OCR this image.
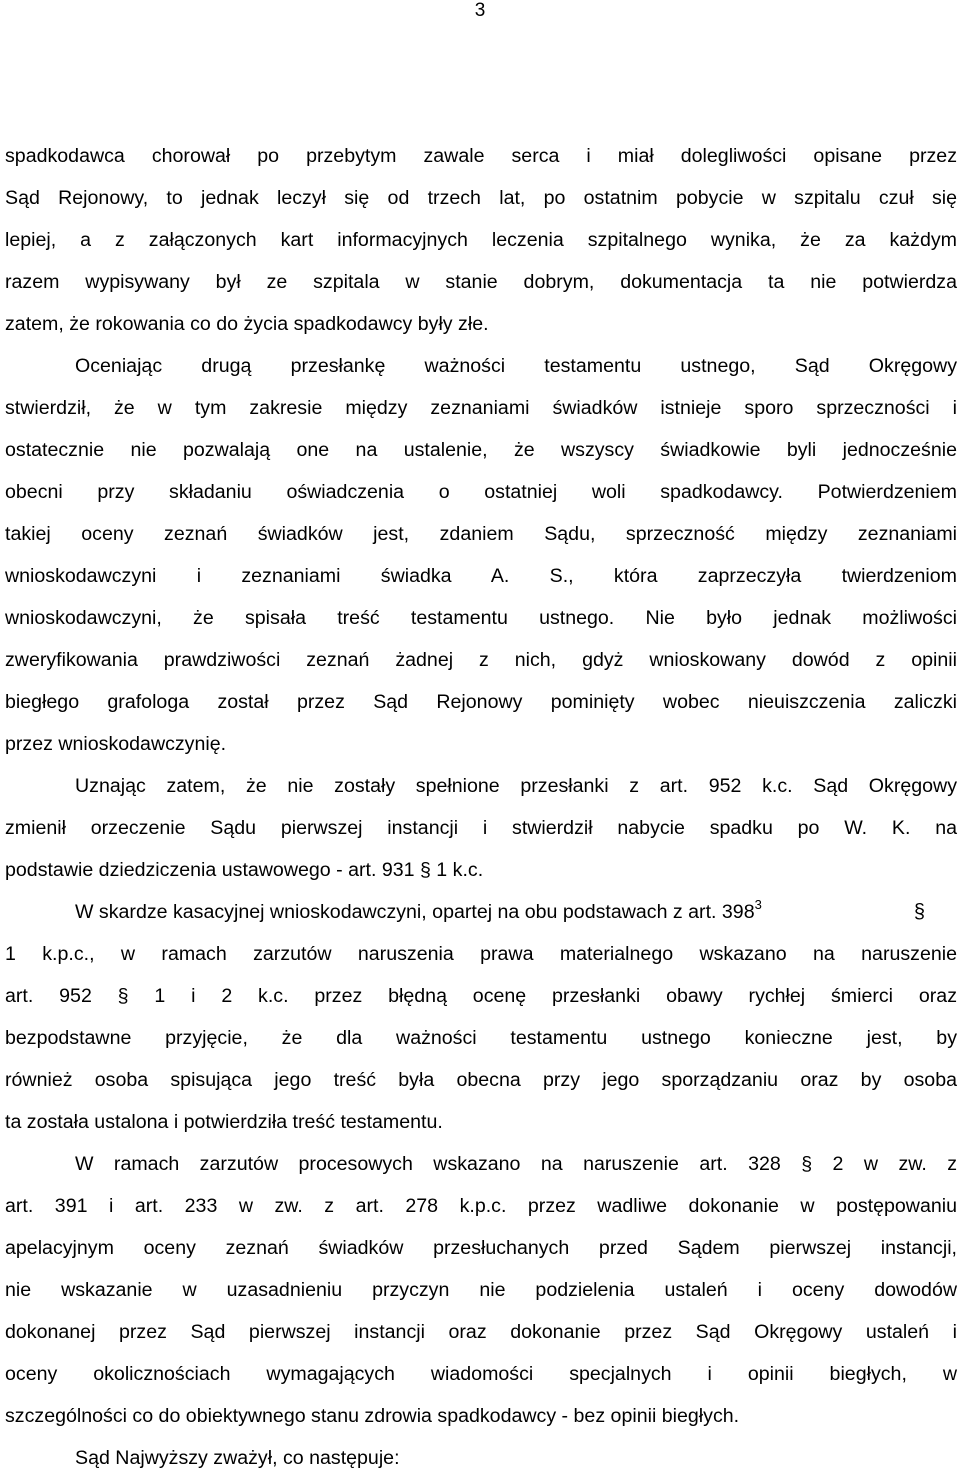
3
spadkodawca chorował po przebytym zawale serca i miał dolegliwości opisane przez
Sąd Rejonowy, to jednak leczył się od trzech lat, po ostatnim pobycie w szpitalu czuł się
lepiej, a z załączonych kart informacyjnych leczenia szpitalnego wynika, że za każdym
razem wypisywany był ze szpitala w stanie dobrym, dokumentacja ta nie potwierdza
zatem, że rokowania co do życia spadkodawcy były złe.
Oceniając drugą przesłankę ważności testamentu ustnego, Sąd Okręgowy
stwierdził, że w tym zakresie między zeznaniami świadków istnieje sporo sprzeczności i
ostatecznie nie pozwalają one na ustalenie, że wszyscy świadkowie byli jednocześnie
obecni przy składaniu oświadczenia o ostatniej woli spadkodawcy. Potwierdzeniem
takiej oceny zeznań świadków jest, zdaniem Sądu, sprzeczność między zeznaniami
wnioskodawczyni i zeznaniami świadka A. S., która zaprzeczyła twierdzeniom
wnioskodawczyni, że spisała treść testamentu ustnego. Nie było jednak możliwości
zweryfikowania prawdziwości zeznań żadnej z nich, gdyż wnioskowany dowód z opinii
biegłego grafologa został przez Sąd Rejonowy pominięty wobec nieuiszczenia zaliczki
przez wnioskodawczynię.
Uznając zatem, że nie zostały spełnione przesłanki z art. 952 k.c. Sąd Okręgowy
zmienił orzeczenie Sądu pierwszej instancji i stwierdził nabycie spadku po W. K. na
podstawie dziedziczenia ustawowego - art. 931 § 1 k.c.
W skardze kasacyjnej wnioskodawczyni, opartej na obu podstawach z art. $398^3$	§
1 k.p.c., w ramach zarzutów naruszenia prawa materialnego wskazano na naruszenie
art. 952 § 1 i 2 k.c. przez błędną ocenę przesłanki obawy rychłej śmierci oraz
bezpodstawne przyjęcie, że dla ważności testamentu ustnego konieczne jest, by
również osoba spisująca jego treść była obecna przy jego sporządzaniu oraz by osoba
ta została ustalona i potwierdziła treść testamentu.
W ramach zarzutów procesowych wskazano na naruszenie art. 328 § 2 w zw. z
art. 391 i art. 233 w zw. z art. 278 k.p.c. przez wadliwe dokonanie w postępowaniu
apelacyjnym oceny zeznań świadków przesłuchanych przed Sądem pierwszej instancji,
nie wskazanie w uzasadnieniu przyczyn nie podzielenia ustaleń i oceny dowodów
dokonanej przez Sąd pierwszej instancji oraz dokonanie przez Sąd Okręgowy ustaleń i
oceny okolicznościach wymagających wiadomości specjalnych i opinii biegłych, w
szczególności co do obiektywnego stanu zdrowia spadkodawcy - bez opinii biegłych.
Sąd Najwyższy zważył, co następuje:
